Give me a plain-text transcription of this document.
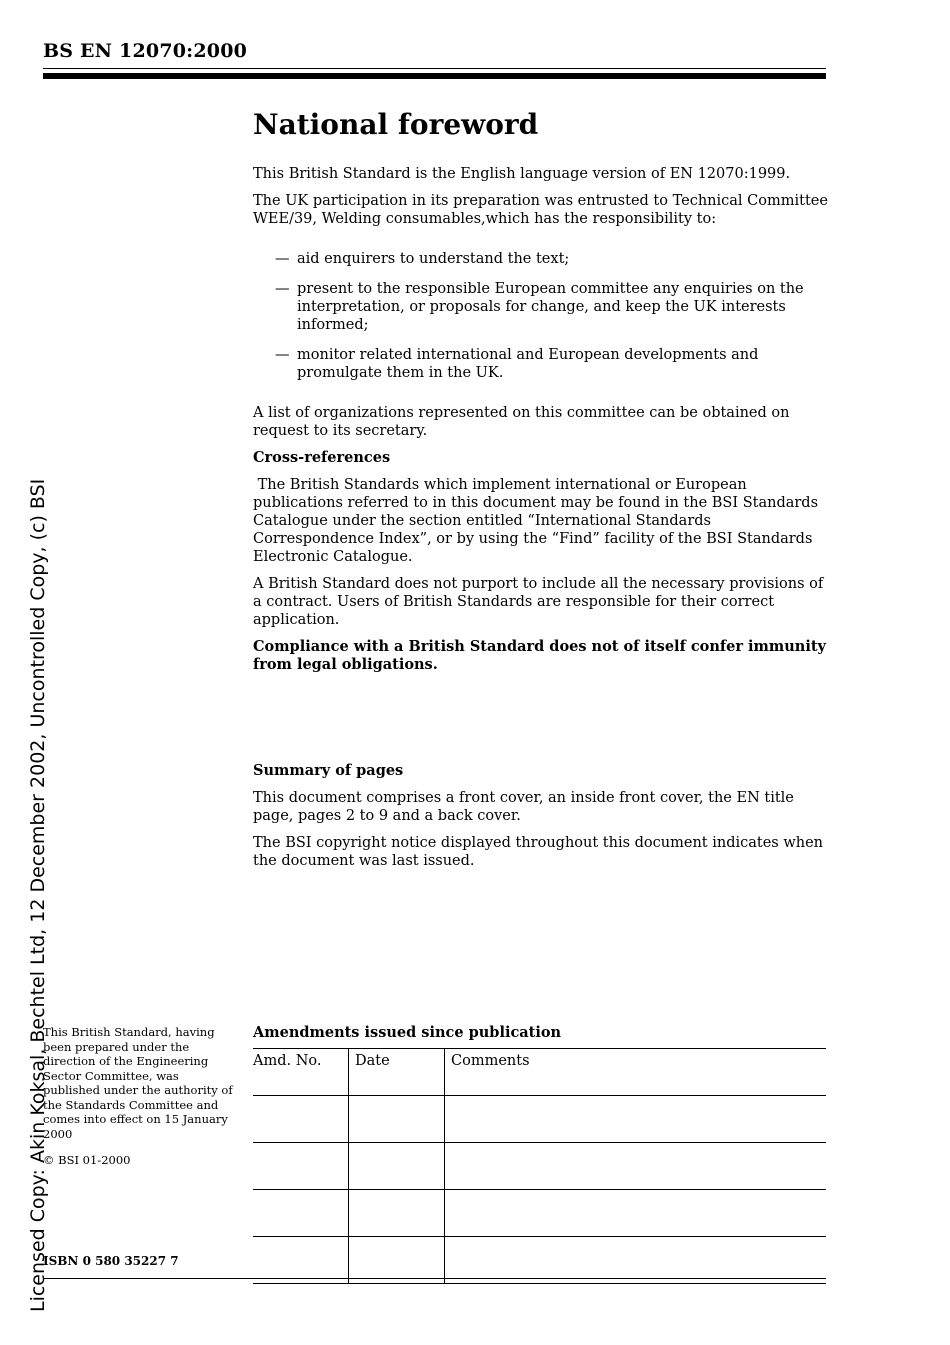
BS EN 12070:2000
National foreword

This British Standard is the English language version of EN 12070:1999.

The UK participation in its preparation was entrusted to Technical Committee WEE/39, Welding consumables,which has the responsibility to:

— aid enquirers to understand the text;
— present to the responsible European committee any enquiries on the interpretation, or proposals for change, and keep the UK interests informed;
— monitor related international and European developments and promulgate them in the UK.

A list of organizations represented on this committee can be obtained on request to its secretary.

Cross-references

The British Standards which implement international or European publications referred to in this document may be found in the BSI Standards Catalogue under the section entitled “International Standards Correspondence Index”, or by using the “Find” facility of the BSI Standards Electronic Catalogue.

A British Standard does not purport to include all the necessary provisions of a contract. Users of British Standards are responsible for their correct application.

Compliance with a British Standard does not of itself confer immunity from legal obligations.

Summary of pages

This document comprises a front cover, an inside front cover, the EN title page, pages 2 to 9 and a back cover.

The BSI copyright notice displayed throughout this document indicates when the document was last issued.

This British Standard, having been prepared under the direction of the Engineering Sector Committee, was published under the authority of the Standards Committee and comes into effect on 15 January 2000
© BSI 01-2000
ISBN 0 580 35227 7
Amendments issued since publication
Amd. No.	Date	Comments

Licensed Copy: Akin Koksal, Bechtel Ltd, 12 December 2002, Uncontrolled Copy, (c) BSI
